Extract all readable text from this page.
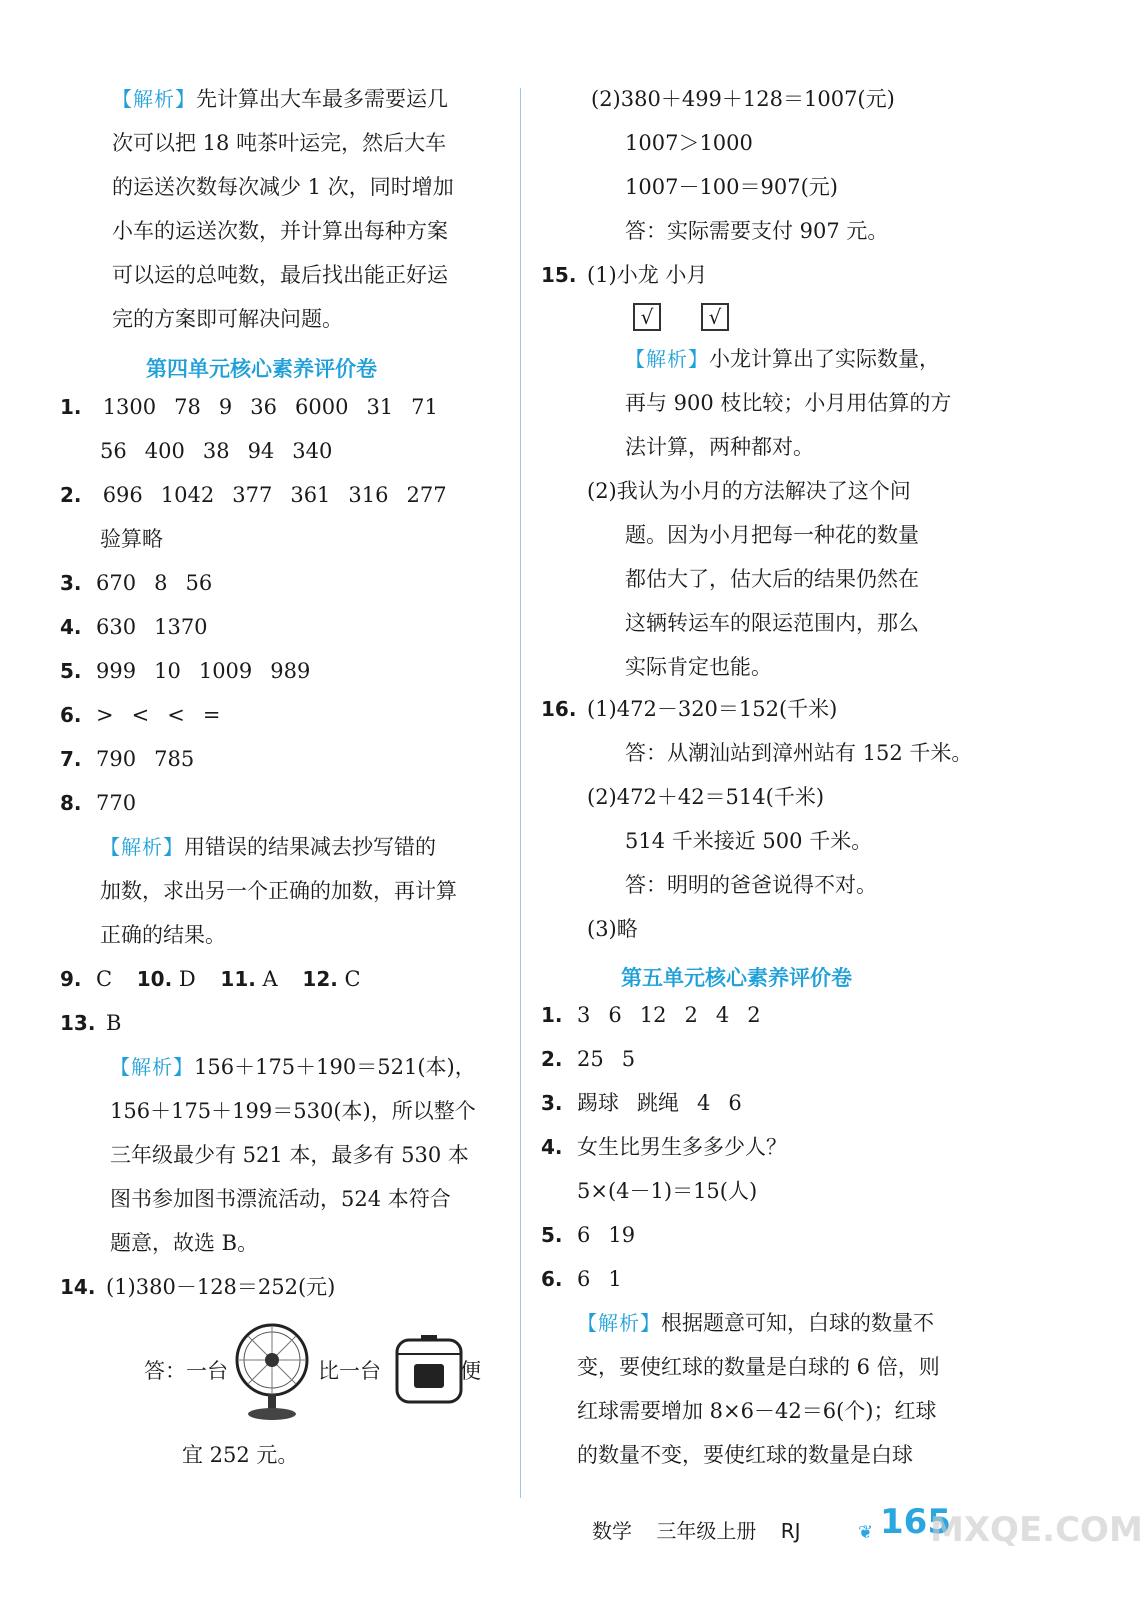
【解析】先计算出大车最多需要运几
次可以把 18 吨茶叶运完，然后大车
的运送次数每次减少 1 次，同时增加
小车的运送次数，并计算出每种方案
可以运的总吨数，最后找出能正好运
完的方案即可解决问题。
第四单元核心素养评价卷
1. 1300 78 9 36 6000 31 71
56 400 38 94 340
2. 696 1042 377 361 316 277
验算略
3. 670 8 56
4. 630 1370
5. 999 10 1009 989
6. > < < =
7. 790 785
8. 770
【解析】用错误的结果减去抄写错的
加数，求出另一个正确的加数，再计算
正确的结果。
9. C 10. D 11. A 12. C
13. B
【解析】156＋175＋190＝521(本)，
156＋175＋199＝530(本)，所以整个
三年级最少有 521 本，最多有 530 本
图书参加图书漂流活动，524 本符合
题意，故选 B。
14. (1)380－128＝252(元)
答：一台	比一台	便
宜 252 元。
(2)380＋499＋128＝1007(元)
1007＞1000
1007－100＝907(元)
答：实际需要支付 907 元。
15. (1)小龙 小月
√	√
【解析】小龙计算出了实际数量，
再与 900 枝比较；小月用估算的方
法计算，两种都对。
(2)我认为小月的方法解决了这个问
题。因为小月把每一种花的数量
都估大了，估大后的结果仍然在
这辆转运车的限运范围内，那么
实际肯定也能。
16. (1)472－320＝152(千米)
答：从潮汕站到漳州站有 152 千米。
(2)472＋42＝514(千米)
514 千米接近 500 千米。
答：明明的爸爸说得不对。
(3)略
第五单元核心素养评价卷
1. 3 6 12 2 4 2
2. 25 5
3. 踢球 跳绳 4 6
4. 女生比男生多多少人？
5×(4－1)＝15(人)
5. 6 19
6. 6 1
【解析】根据题意可知，白球的数量不
变，要使红球的数量是白球的 6 倍，则
红球需要增加 8×6－42＝6(个)；红球
的数量不变，要使红球的数量是白球
数学 三年级上册 RJ	❦ 165
MXQE.COM
